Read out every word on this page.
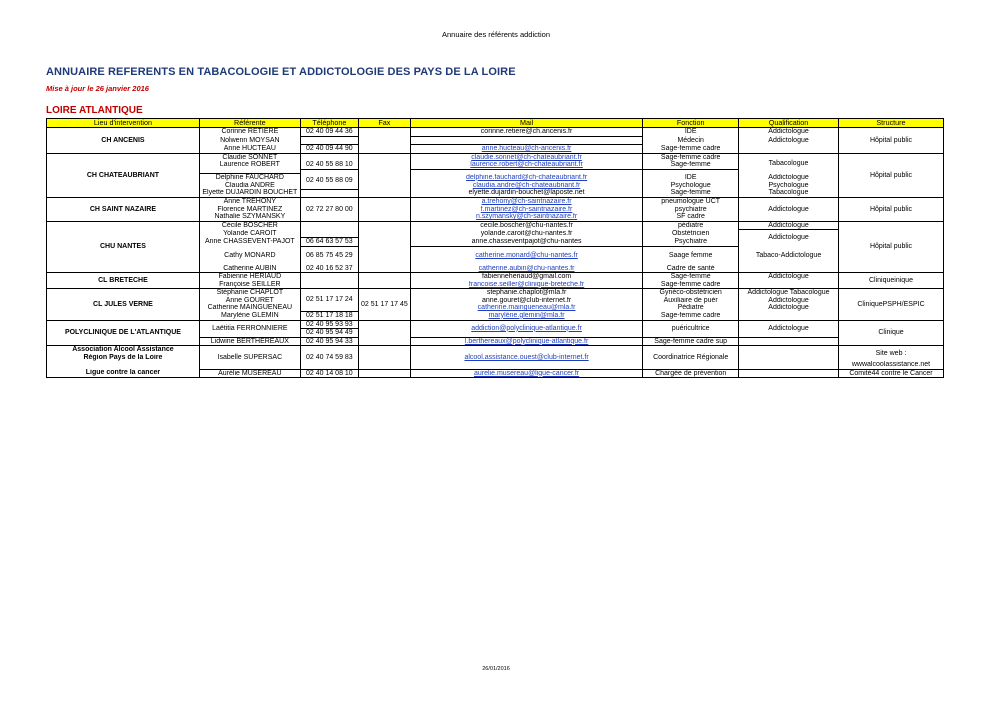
Annuaire des référents addiction
ANNUAIRE REFERENTS EN TABACOLOGIE ET ADDICTOLOGIE DES PAYS DE LA LOIRE
Mise à jour le 26 janvier 2016
LOIRE ATLANTIQUE
Lieu d'intervention	Référente	Téléphone	Fax	Mail	Fonction	Qualification	Structure
CH ANCENIS	Corinne RETIERE	02 40 09 44 36		corinne.retiere@ch.ancenis.fr	IDE	Addictologue	Hôpital public
	Nolwenn MOYSAN				Médecin	Addictologue	
	Anne HUCTEAU	02 40 09 44 90		anne.hucteau@ch-ancenis.fr	Sage-femme cadre		
CH CHATEAUBRIANT	Claudie SONNET			claudie.sonnet@ch-chateaubriant.fr	Sage-femme cadre	Tabacologue	Hôpital public
	Laurence ROBERT	02 40 55 88 10		laurence.robert@ch-chateaubriant.fr	Sage-femme		

	Delphine FAUCHARD	02 40 55 88 09		delphine.fauchard@ch-chateaubriant.fr	IDE	Addictologue	
	Claudia ANDRE			claudia.andre@ch-chateaubriant.fr	Psychologue	Psychologue	
	Elyette DUJARDIN BOUCHET			elyette.dujardin-bouchet@laposte.net	Sage-femme	Tabacologue	
CH SAINT NAZAIRE	Anne TREHONY	02 72 27 80 00		a.trehony@ch-saintnazaire.fr	pneumologue UCT	Addictologue	Hôpital public
	Florence MARTINEZ			f.martinez@ch-saintnazaire.fr	psychiatre		
	Nathalie SZYMANSKY			n.szymansky@ch-saintnazaire.fr	SF cadre		
CHU NANTES	Cécile BOSCHER			cecile.boscher@chu-nantes.fr	pédiatre	Addictologue	Hôpital public
	Yolande CAROIT			yolande.caroit@chu-nantes.fr	Obstétricien	Addictologue	
	Anne CHASSEVENT-PAJOT	06 64 63 57 53		anne.chasseventpajot@chu-nantes	Psychiatre		

	Cathy MONARD	06 85 75 45 29		catherine.monard@chu-nantes.fr	Saage femme	Tabaco-Addictologue	

	Catherine AUBIN	02 40 16 52 37		catherine.aubin@chu-nantes.fr	Cadre de santé		
CL BRETECHE	Fabienne HERIAUD			fabienneheriaud@gmail.com	Sage-femme	Addictologue	Cliniqueinique
	Françoise SEILLER			francoise.seiller@clinique-breteche.fr	Sage-femme cadre		
CL JULES VERNE	Stéphanie CHAPLOT	02 51 17 17 24	02 51 17 17 45	stephanie.chaplot@mla.fr	Gynéco-obstétricien	Addictologue Tabacologue	CliniquePSPH/ESPIC
	Anne GOURET			anne.gouret@club-internet.fr	Auxiliaire de puér	Addictologue	
	Catherine MAINGUENEAU			catherine.maingueneau@mla.fr	Pédiatre	Addictologue	
	Marylène GLEMIN	02 51 17 18 18		marylène.glemin@mla.fr	Sage-femme cadre		
POLYCLINIQUE DE L'ATLANTIQUE	Laëtitia FERRONNIERE	02 40 95 93 93		addiction@polyclinique-atlantique.fr	puéricultrice	Addictologue	Clinique
		02 40 95 94 49					
	Lidwine BERTHEREAUX	02 40 95 94 33		l.berthereaux@polyclinique-atlantique.fr	Sage-femme cadre sup		
Association Alcool Assistance	Isabelle SUPERSAC	02 40 74 59 83		alcool.assistance.ouest@club-internet.fr	Coordinatrice Régionale		Site web :
Région Pays de la Loire							
							wwwalcoolassistance.net
Ligue contre la cancer	Aurélie MUSEREAU	02 40 14 08 10		aurelie.musereau@ligue-cancer.fr	Chargée de prévention		Comité44 contre le Cancer
26/01/2016
